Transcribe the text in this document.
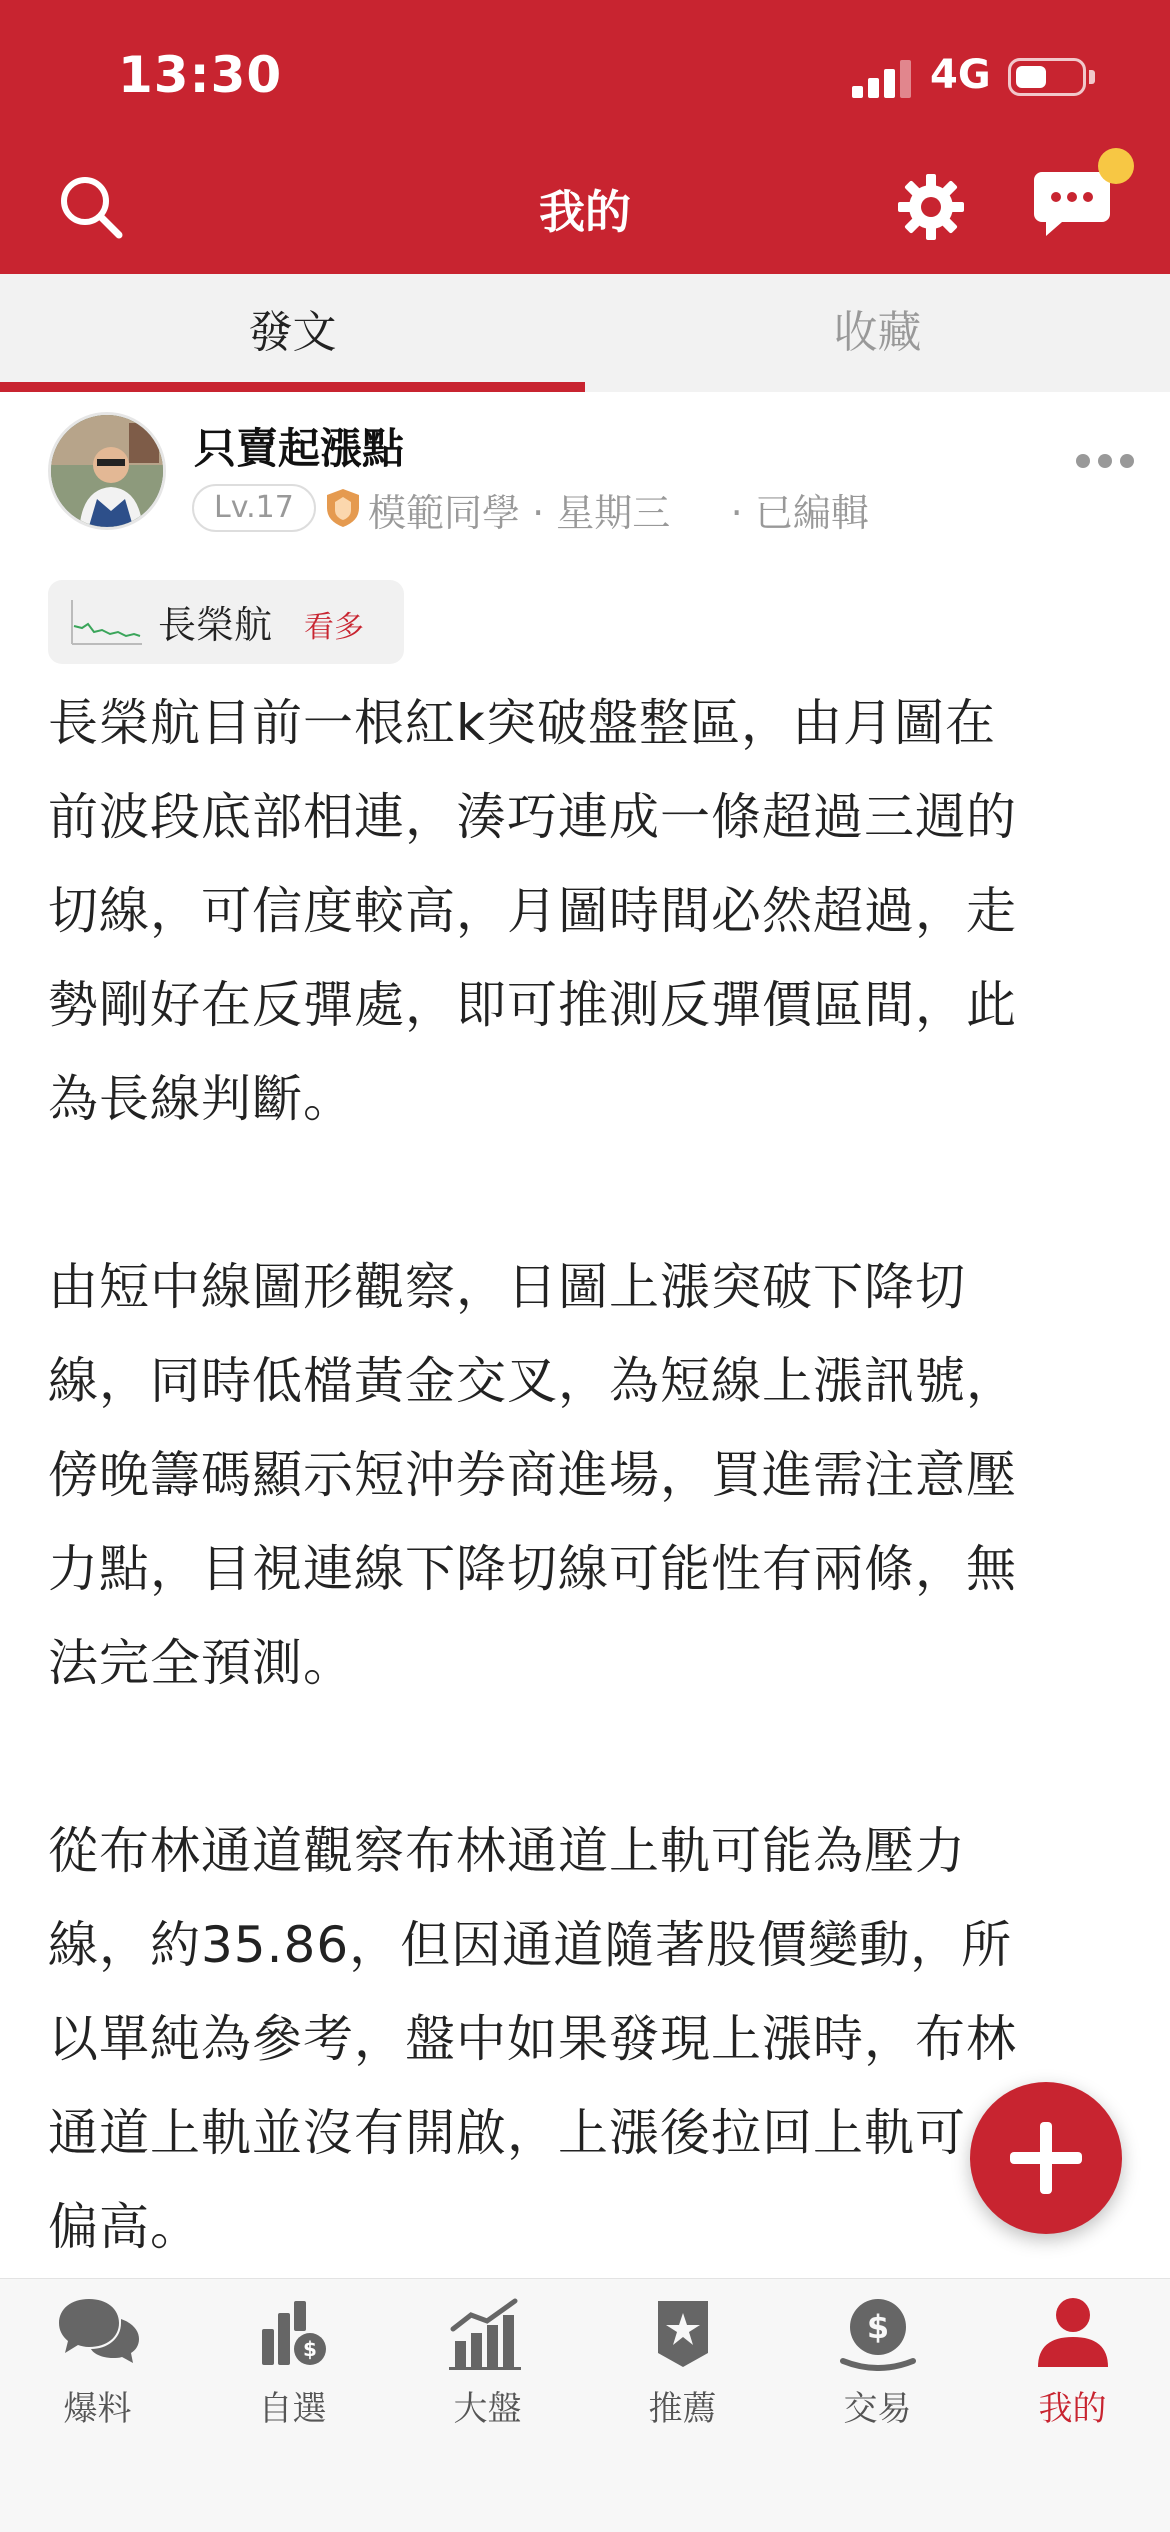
13:30	4G
我的
發文	收藏
只賣起漲點
Lv.17	模範同學 · 星期三     · 已編輯
長榮航 看多

長榮航目前一根紅k突破盤整區，由月圖在

前波段底部相連，湊巧連成一條超過三週的

切線，可信度較高，月圖時間必然超過，走

勢剛好在反彈處，即可推測反彈價區間，此

為長線判斷。

由短中線圖形觀察，日圖上漲突破下降切

線，同時低檔黃金交叉，為短線上漲訊號，

傍晚籌碼顯示短沖券商進場，買進需注意壓

力點，目視連線下降切線可能性有兩條，無

法完全預測。

從布林通道觀察布林通道上軌可能為壓力

線，約35.86，但因通道隨著股價變動，所

以單純為參考，盤中如果發現上漲時，布林

通道上軌並沒有開啟，上漲後拉回上軌可

偏高。

爆料
$
自選	大盤	推薦
$
交易	我的
